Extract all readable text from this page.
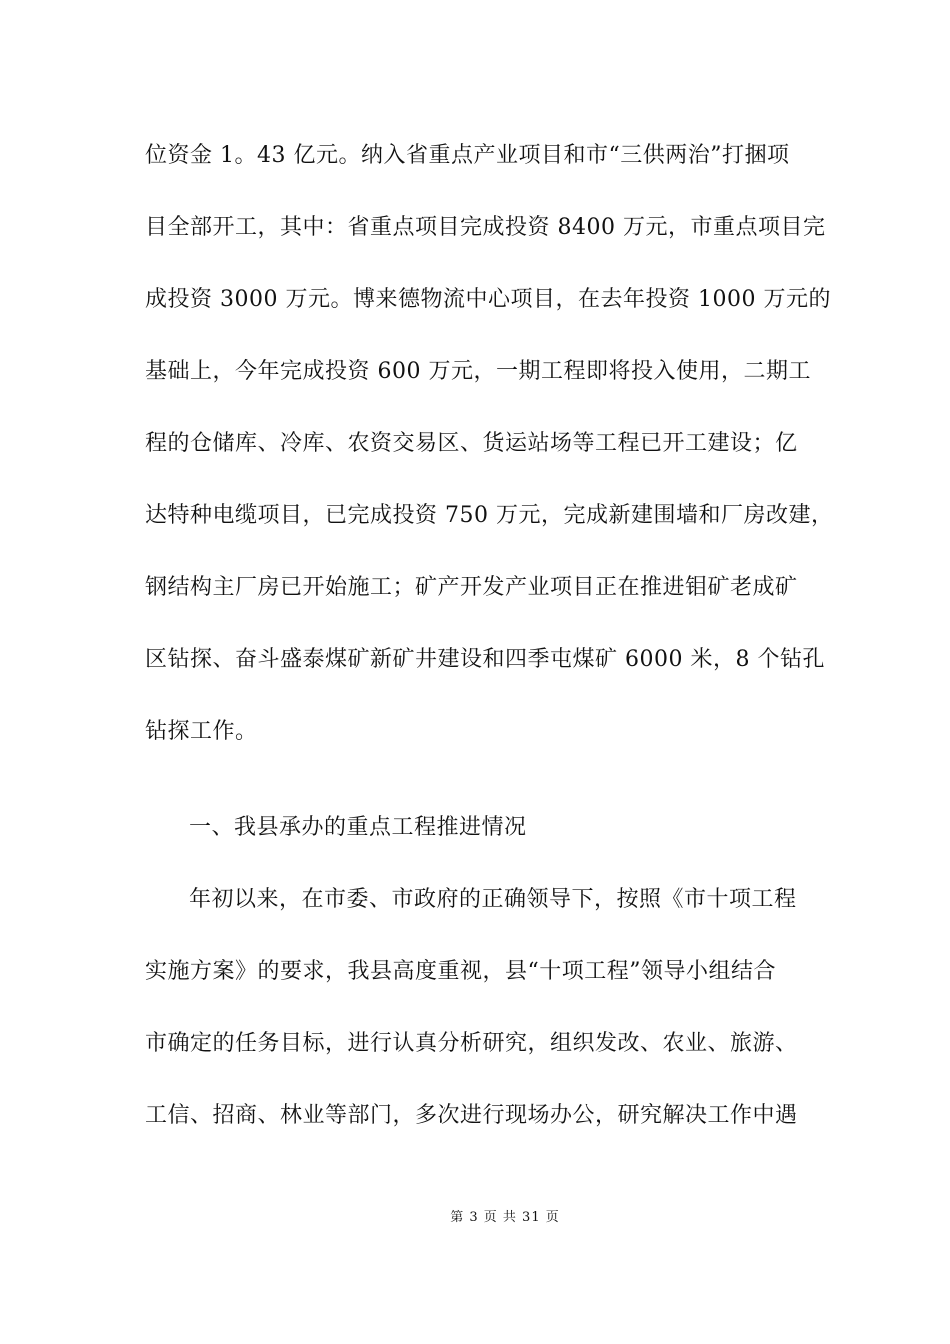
位资金 1。43 亿元。纳入省重点产业项目和市“三供两治”打捆项
目全部开工，其中：省重点项目完成投资 8400 万元，市重点项目完
成投资 3000 万元。博来德物流中心项目，在去年投资 1000 万元的
基础上，今年完成投资 600 万元，一期工程即将投入使用，二期工
程的仓储库、冷库、农资交易区、货运站场等工程已开工建设；亿
达特种电缆项目，已完成投资 750 万元，完成新建围墙和厂房改建，
钢结构主厂房已开始施工；矿产开发产业项目正在推进钼矿老成矿
区钻探、奋斗盛泰煤矿新矿井建设和四季屯煤矿 6000 米，8 个钻孔
钻探工作。
一、我县承办的重点工程推进情况
年初以来，在市委、市政府的正确领导下，按照《市十项工程
实施方案》的要求，我县高度重视，县“十项工程”领导小组结合
市确定的任务目标，进行认真分析研究，组织发改、农业、旅游、
工信、招商、林业等部门，多次进行现场办公，研究解决工作中遇
第 3 页 共 31 页
